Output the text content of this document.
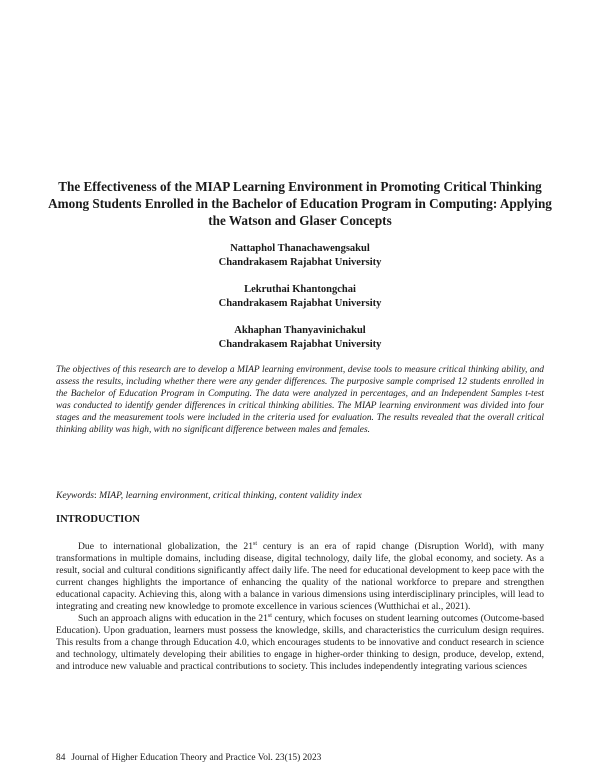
The Effectiveness of the MIAP Learning Environment in Promoting Critical Thinking Among Students Enrolled in the Bachelor of Education Program in Computing: Applying the Watson and Glaser Concepts
Nattaphol Thanachawengsakul
Chandrakasem Rajabhat University
Lekruthai Khantongchai
Chandrakasem Rajabhat University
Akhaphan Thanyavinichakul
Chandrakasem Rajabhat University
The objectives of this research are to develop a MIAP learning environment, devise tools to measure critical thinking ability, and assess the results, including whether there were any gender differences. The purposive sample comprised 12 students enrolled in the Bachelor of Education Program in Computing. The data were analyzed in percentages, and an Independent Samples t-test was conducted to identify gender differences in critical thinking abilities. The MIAP learning environment was divided into four stages and the measurement tools were included in the criteria used for evaluation. The results revealed that the overall critical thinking ability was high, with no significant difference between males and females.
Keywords: MIAP, learning environment, critical thinking, content validity index
INTRODUCTION

Due to international globalization, the 21st century is an era of rapid change (Disruption World), with many transformations in multiple domains, including disease, digital technology, daily life, the global economy, and society. As a result, social and cultural conditions significantly affect daily life. The need for educational development to keep pace with the current changes highlights the importance of enhancing the quality of the national workforce to prepare and strengthen educational capacity. Achieving this, along with a balance in various dimensions using interdisciplinary principles, will lead to integrating and creating new knowledge to promote excellence in various sciences (Wutthichai et al., 2021).

Such an approach aligns with education in the 21st century, which focuses on student learning outcomes (Outcome-based Education). Upon graduation, learners must possess the knowledge, skills, and characteristics the curriculum design requires. This results from a change through Education 4.0, which encourages students to be innovative and conduct research in science and technology, ultimately developing their abilities to engage in higher-order thinking to design, produce, develop, extend, and introduce new valuable and practical contributions to society. This includes independently integrating various sciences

84 Journal of Higher Education Theory and Practice Vol. 23(15) 2023
